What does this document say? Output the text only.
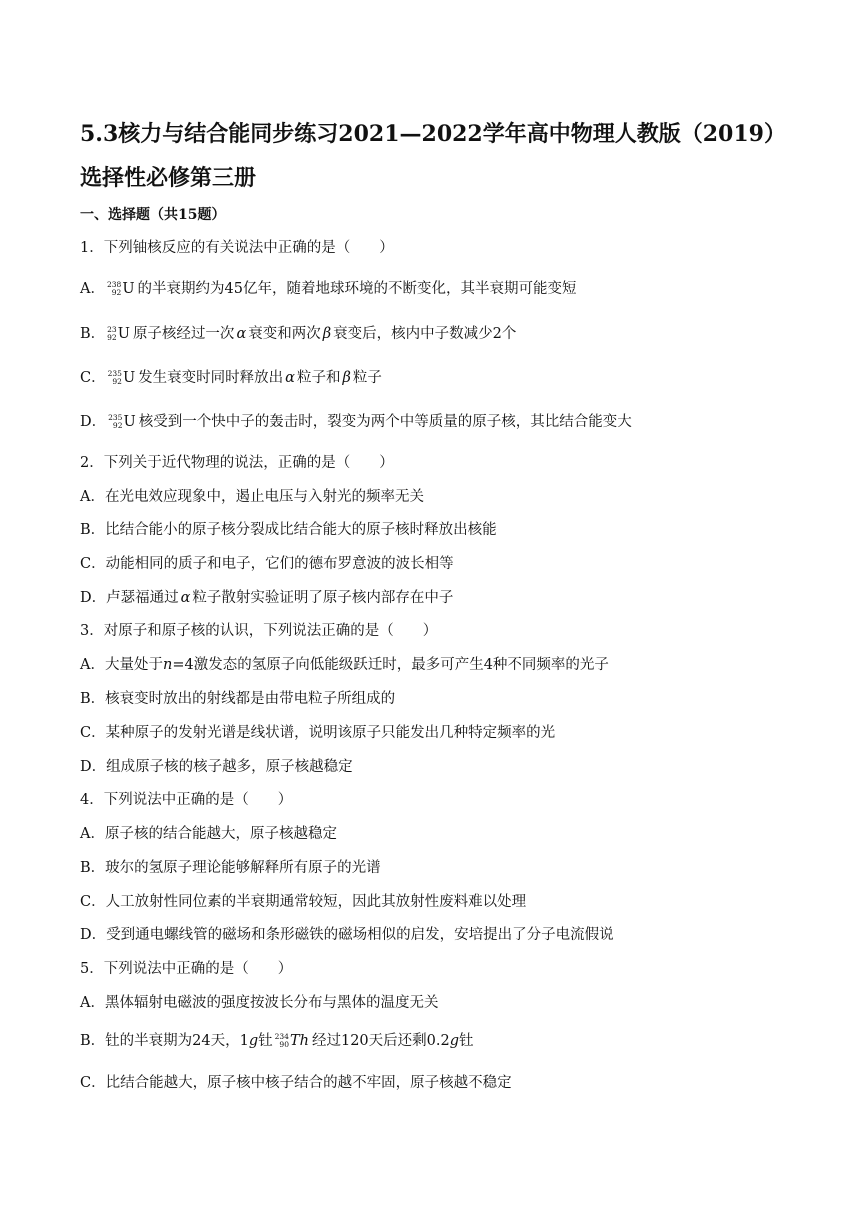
5.3核力与结合能同步练习2021—2022学年高中物理人教版（2019）选择性必修第三册
一、选择题（共15题）
1．下列铀核反应的有关说法中正确的是（　　）
A． 238
92 U 的半衰期约为45亿年，随着地球环境的不断变化，其半衰期可能变短
B． 23
92 U 原子核经过一次 α 衰变和两次 β 衰变后，核内中子数减少2个
C． 235
92 U 发生衰变时同时释放出 α 粒子和 β 粒子
D． 235
92 U 核受到一个快中子的轰击时，裂变为两个中等质量的原子核，其比结合能变大
2．下列关于近代物理的说法，正确的是（　　）
A．在光电效应现象中，遏止电压与入射光的频率无关
B．比结合能小的原子核分裂成比结合能大的原子核时释放出核能
C．动能相同的质子和电子，它们的德布罗意波的波长相等
D．卢瑟福通过 α 粒子散射实验证明了原子核内部存在中子
3．对原子和原子核的认识，下列说法正确的是（　　）
A．大量处于n=4激发态的氢原子向低能级跃迁时，最多可产生4种不同频率的光子
B．核衰变时放出的射线都是由带电粒子所组成的
C．某种原子的发射光谱是线状谱，说明该原子只能发出几种特定频率的光
D．组成原子核的核子越多，原子核越稳定
4．下列说法中正确的是（　　）
A．原子核的结合能越大，原子核越稳定
B．玻尔的氢原子理论能够解释所有原子的光谱
C．人工放射性同位素的半衰期通常较短，因此其放射性废料难以处理
D．受到通电螺线管的磁场和条形磁铁的磁场相似的启发，安培提出了分子电流假说
5．下列说法中正确的是（　　）
A．黑体辐射电磁波的强度按波长分布与黑体的温度无关
B．钍的半衰期为24天，1g钍 234
90 Th 经过120天后还剩0.2g钍
C．比结合能越大，原子核中核子结合的越不牢固，原子核越不稳定
